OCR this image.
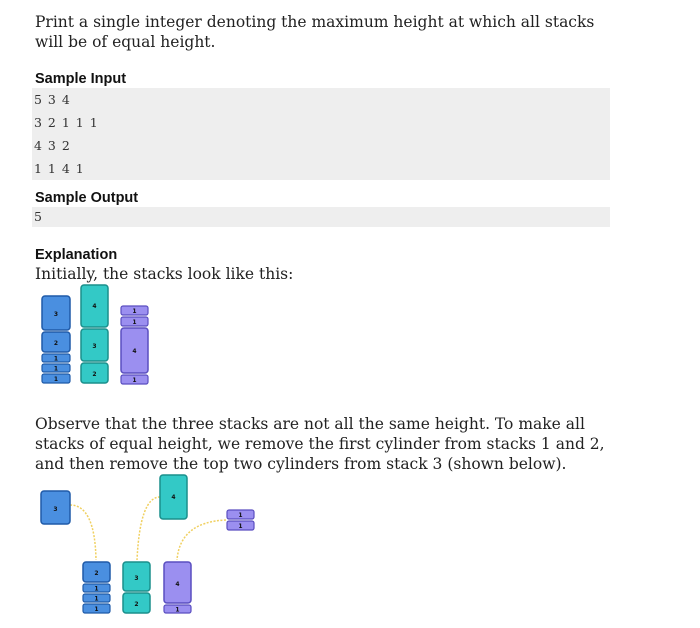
Print a single integer denoting the maximum height at which all stacks will be of equal height.
Sample Input
5 3 4
3 2 1 1 1
4 3 2
1 1 4 1
Sample Output
5
Explanation
Initially, the stacks look like this:
Observe that the three stacks are not all the same height. To make all stacks of equal height, we remove the first cylinder from stacks 1 and 2, and then remove the top two cylinders from stack 3 (shown below).
3
2
1
1
1
4
3
2
1
1
4
1
3
4
1
1
2
1
1
1
3
2
4
1
